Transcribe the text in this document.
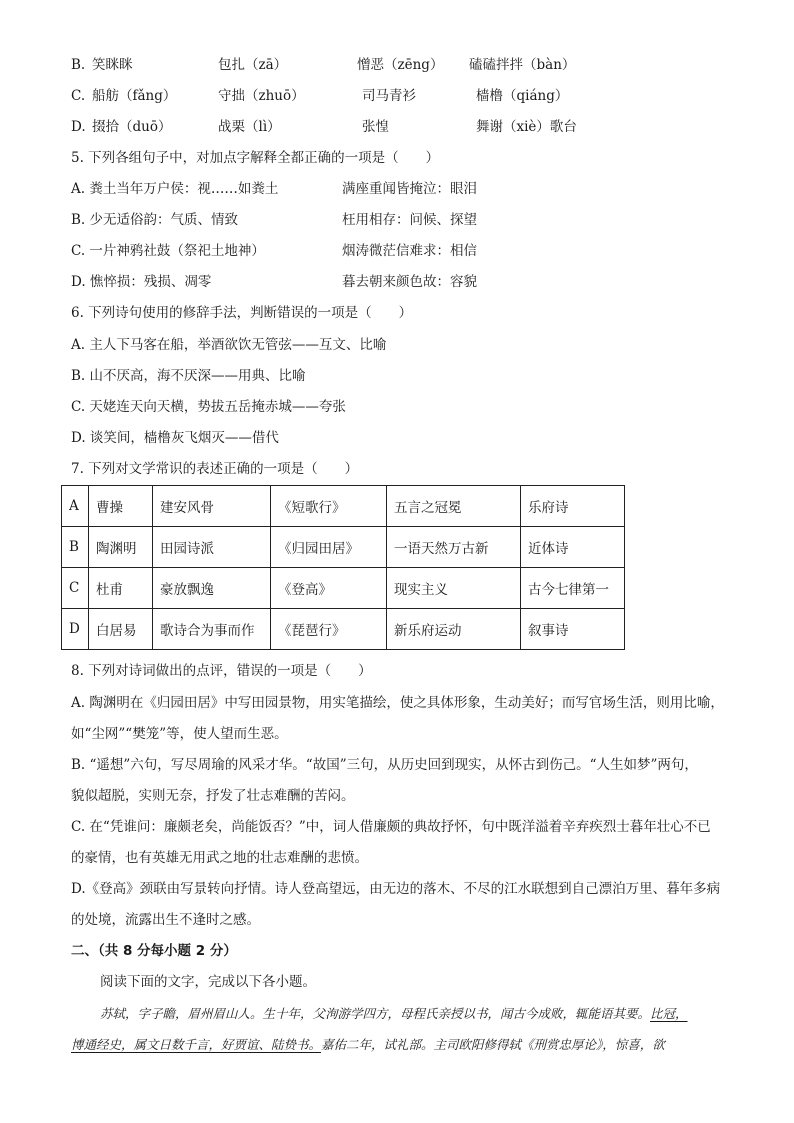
B. 笑眯眯	包扎（zā）	憎恶（zēng） 磕磕拌拌（bàn）
C. 船舫（fǎng）	守拙（zhuō）	司马青衫	樯橹（qiáng）
D. 掇拾（duō）	战栗（lì）	张惶	舞谢（xiè）歌台
5. 下列各组句子中，对加点字解释全都正确的一项是（　　）
A. 粪土当年万户侯：视……如粪土	满座重闻皆掩泣：眼泪
B. 少无适俗韵：气质、情致	枉用相存：问候、探望
C. 一片神鸦社鼓（祭祀土地神）	烟涛微茫信难求：相信
D. 憔悴损：残损、凋零	暮去朝来颜色故：容貌
6. 下列诗句使用的修辞手法，判断错误的一项是（　　）
A. 主人下马客在船，举酒欲饮无管弦——互文、比喻
B. 山不厌高，海不厌深——用典、比喻
C. 天姥连天向天横，势拔五岳掩赤城——夸张
D. 谈笑间，樯橹灰飞烟灭——借代
7. 下列对文学常识的表述正确的一项是（　　）
A	曹操	建安风骨	《短歌行》	五言之冠冕	乐府诗
B	陶渊明	田园诗派	《归园田居》	一语天然万古新	近体诗
C	杜甫	豪放飘逸	《登高》	现实主义	古今七律第一
D	白居易	歌诗合为事而作	《琵琶行》	新乐府运动	叙事诗
8. 下列对诗词做出的点评，错误的一项是（　　）
A. 陶渊明在《归园田居》中写田园景物，用实笔描绘，使之具体形象，生动美好；而写官场生活，则用比喻，
如“尘网”“樊笼”等，使人望而生恶。
B. “遥想”六句，写尽周瑜的风采才华。“故国”三句，从历史回到现实，从怀古到伤己。“人生如梦”两句，
貌似超脱，实则无奈，抒发了壮志难酬的苦闷。
C. 在“凭谁问：廉颇老矣，尚能饭否？”中，词人借廉颇的典故抒怀，句中既洋溢着辛弃疾烈士暮年壮心不已
的豪情，也有英雄无用武之地的壮志难酬的悲愤。
D.《登高》颈联由写景转向抒情。诗人登高望远，由无边的落木、不尽的江水联想到自己漂泊万里、暮年多病
的处境，流露出生不逢时之感。
二、（共 8 分每小题 2 分）
阅读下面的文字，完成以下各小题。
苏轼，字子瞻，眉州眉山人。生十年，父洵游学四方，母程氏亲授以书，闻古今成败，辄能语其要。比冠，
博通经史，属文日数千言，好贾谊、陆贽书。嘉佑二年，试礼部。主司欧阳修得轼《刑赏忠厚论》，惊喜，欲
